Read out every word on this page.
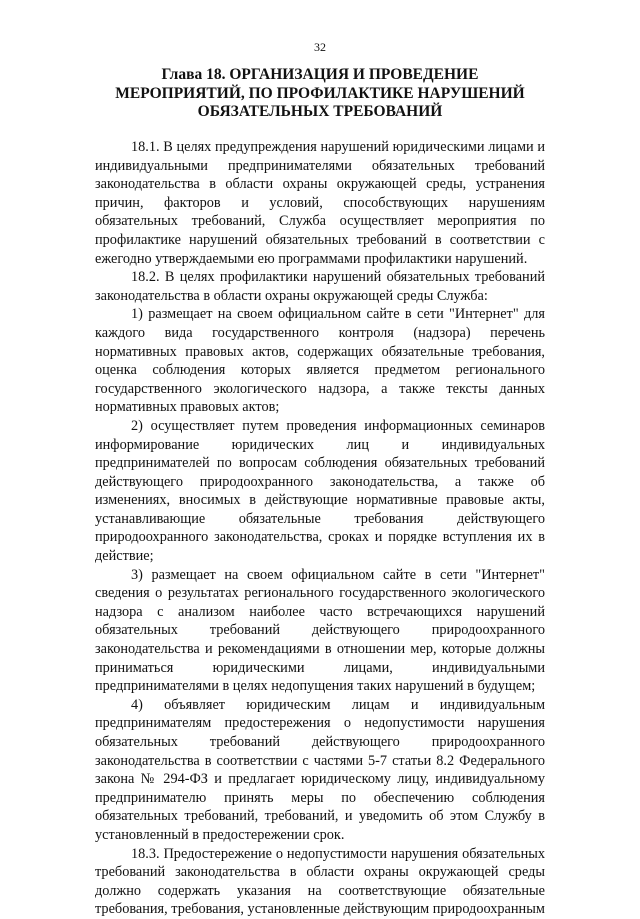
32
Глава 18. ОРГАНИЗАЦИЯ И ПРОВЕДЕНИЕ МЕРОПРИЯТИЙ, ПО ПРОФИЛАКТИКЕ НАРУШЕНИЙ ОБЯЗАТЕЛЬНЫХ ТРЕБОВАНИЙ

18.1. В целях предупреждения нарушений юридическими лицами и индивидуальными предпринимателями обязательных требований законодательства в области охраны окружающей среды, устранения причин, факторов и условий, способствующих нарушениям обязательных требований, Служба осуществляет мероприятия по профилактике нарушений обязательных требований в соответствии с ежегодно утверждаемыми ею программами профилактики нарушений.

18.2. В целях профилактики нарушений обязательных требований законодательства в области охраны окружающей среды Служба:

1) размещает на своем официальном сайте в сети "Интернет" для каждого вида государственного контроля (надзора) перечень нормативных правовых актов, содержащих обязательные требования, оценка соблюдения которых является предметом регионального государственного экологического надзора, а также тексты данных нормативных правовых актов;

2) осуществляет путем проведения информационных семинаров информирование юридических лиц и индивидуальных предпринимателей по вопросам соблюдения обязательных требований действующего природоохранного законодательства, а также об изменениях, вносимых в действующие нормативные правовые акты, устанавливающие обязательные требования действующего природоохранного законодательства, сроках и порядке вступления их в действие;

3) размещает на своем официальном сайте в сети "Интернет" сведения о результатах регионального государственного экологического надзора с анализом наиболее часто встречающихся нарушений обязательных требований действующего природоохранного законодательства и рекомендациями в отношении мер, которые должны приниматься юридическими лицами, индивидуальными предпринимателями в целях недопущения таких нарушений в будущем;

4) объявляет юридическим лицам и индивидуальным предпринимателям предостережения о недопустимости нарушения обязательных требований действующего природоохранного законодательства в соответствии с частями 5-7 статьи 8.2 Федерального закона № 294-ФЗ и предлагает юридическому лицу, индивидуальному предпринимателю принять меры по обеспечению соблюдения обязательных требований, требований, и уведомить об этом Службу в установленный в предостережении срок.

18.3. Предостережение о недопустимости нарушения обязательных требований законодательства в области охраны окружающей среды должно содержать указания на соответствующие обязательные требования, требования, установленные действующим природоохранным
